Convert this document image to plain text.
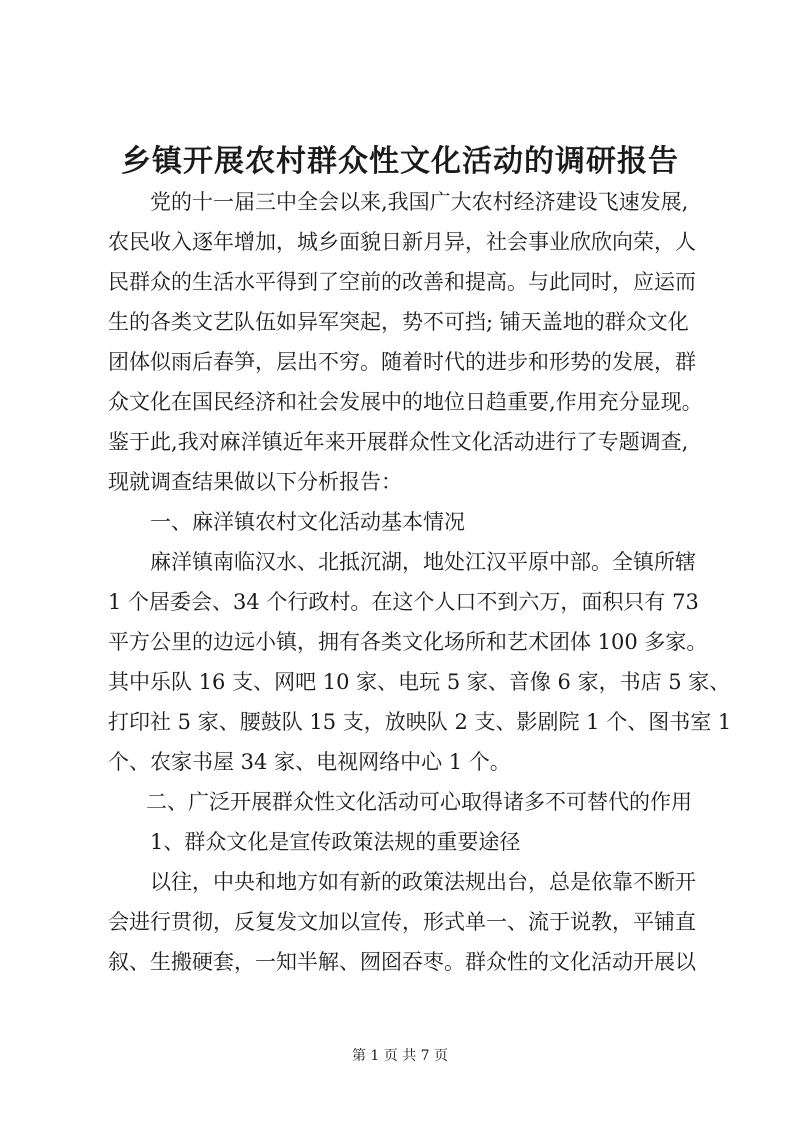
乡镇开展农村群众性文化活动的调研报告

党的十一届三中全会以来,我国广大农村经济建设飞速发展,

农民收入逐年增加，城乡面貌日新月异，社会事业欣欣向荣，人

民群众的生活水平得到了空前的改善和提高。与此同时，应运而

生的各类文艺队伍如异军突起，势不可挡; 铺天盖地的群众文化

团体似雨后春笋，层出不穷。随着时代的进步和形势的发展，群

众文化在国民经济和社会发展中的地位日趋重要,作用充分显现。

鉴于此,我对麻洋镇近年来开展群众性文化活动进行了专题调查,

现就调查结果做以下分析报告：

一、麻洋镇农村文化活动基本情况

麻洋镇南临汉水、北抵沉湖，地处江汉平原中部。全镇所辖

1 个居委会、34 个行政村。在这个人口不到六万，面积只有 73

平方公里的边远小镇，拥有各类文化场所和艺术团体 100 多家。

其中乐队 16 支、网吧 10 家、电玩 5 家、音像 6 家，书店 5 家、

打印社 5 家、腰鼓队 15 支，放映队 2 支、影剧院 1 个、图书室 1

个、农家书屋 34 家、电视网络中心 1 个。

二、广泛开展群众性文化活动可心取得诸多不可替代的作用

1、群众文化是宣传政策法规的重要途径

以往，中央和地方如有新的政策法规出台，总是依靠不断开

会进行贯彻，反复发文加以宣传，形式单一、流于说教，平铺直

叙、生搬硬套，一知半解、囫囵吞枣。群众性的文化活动开展以

第 1 页 共 7 页
